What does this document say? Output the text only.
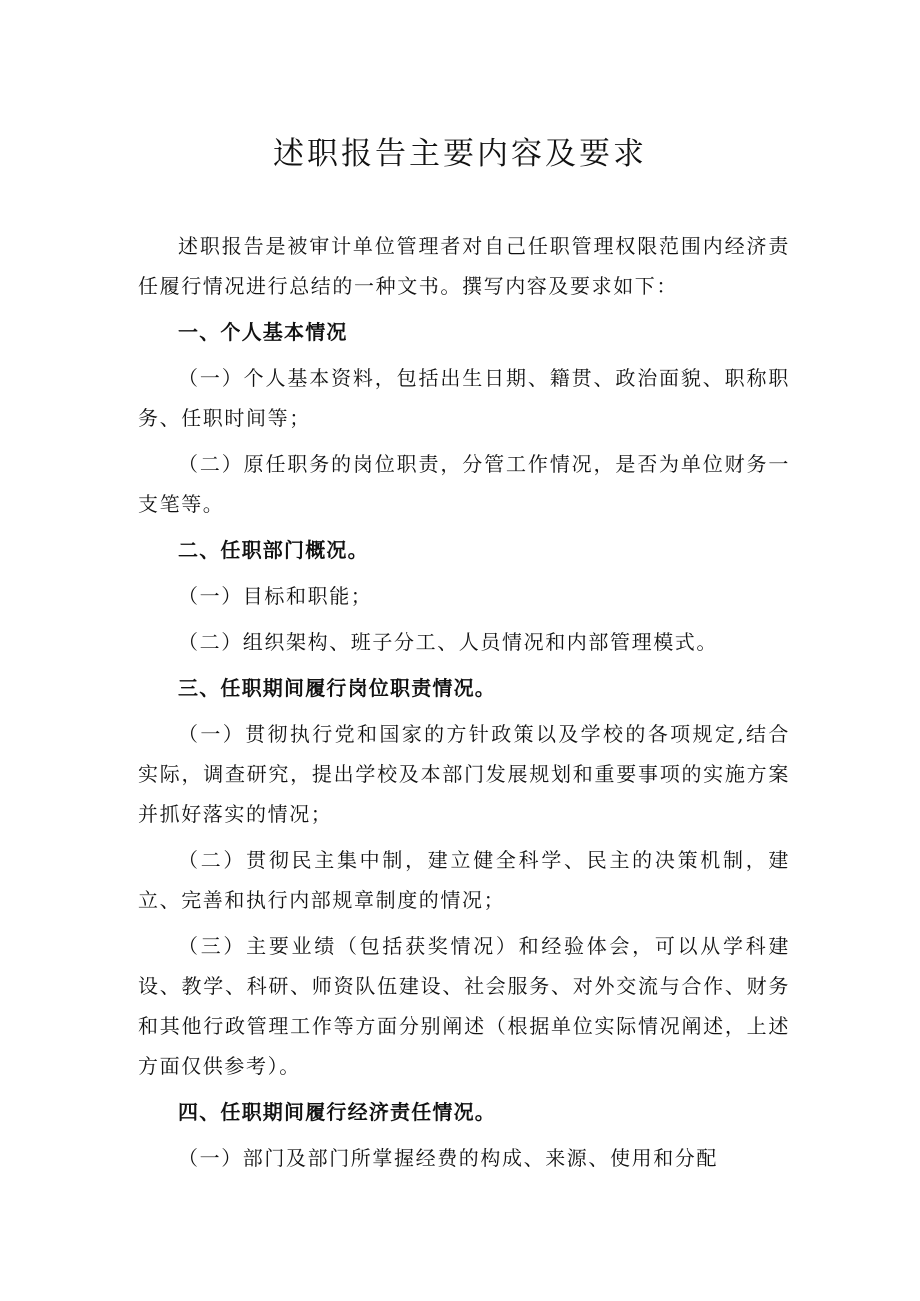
述职报告主要内容及要求

述职报告是被审计单位管理者对自己任职管理权限范围内经济责任履行情况进行总结的一种文书。撰写内容及要求如下：

一、个人基本情况

（一）个人基本资料，包括出生日期、籍贯、政治面貌、职称职务、任职时间等；

（二）原任职务的岗位职责，分管工作情况，是否为单位财务一支笔等。

二、任职部门概况。

（一）目标和职能；

（二）组织架构、班子分工、人员情况和内部管理模式。

三、任职期间履行岗位职责情况。

（一）贯彻执行党和国家的方针政策以及学校的各项规定,结合实际，调查研究，提出学校及本部门发展规划和重要事项的实施方案并抓好落实的情况；

（二）贯彻民主集中制，建立健全科学、民主的决策机制，建立、完善和执行内部规章制度的情况；

（三）主要业绩（包括获奖情况）和经验体会，可以从学科建设、教学、科研、师资队伍建设、社会服务、对外交流与合作、财务和其他行政管理工作等方面分别阐述（根据单位实际情况阐述，上述方面仅供参考）。

四、任职期间履行经济责任情况。

（一）部门及部门所掌握经费的构成、来源、使用和分配
